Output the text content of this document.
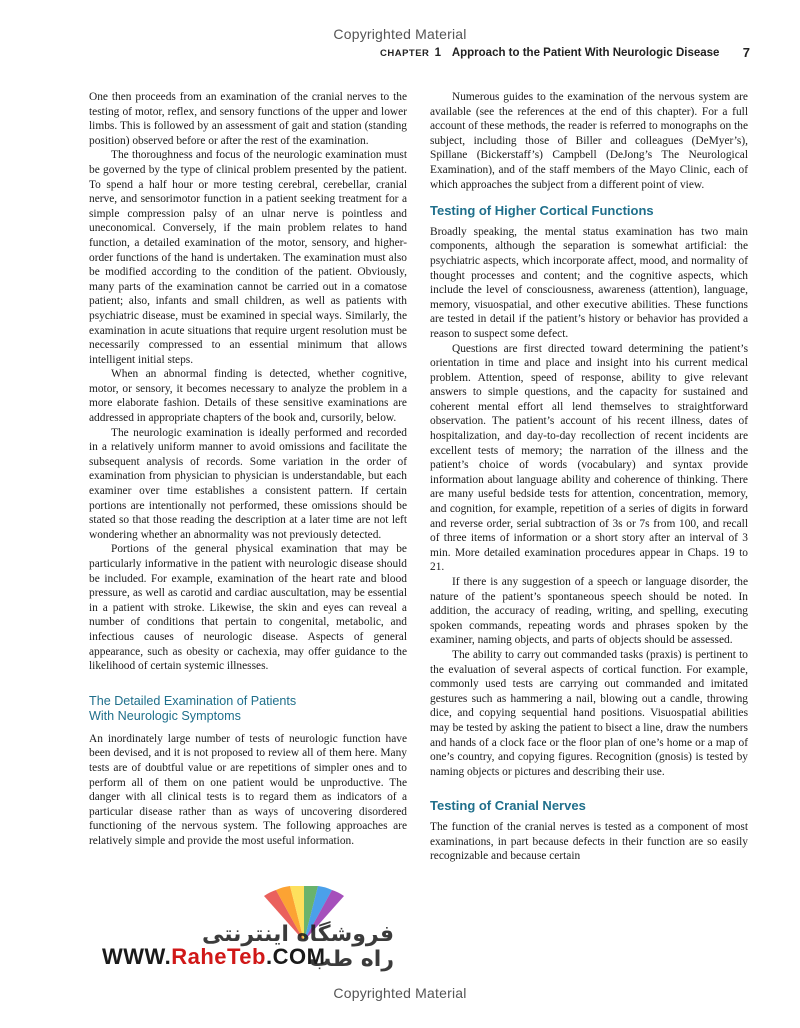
Copyrighted Material
CHAPTER 1 Approach to the Patient With Neurologic Disease 7

One then proceeds from an examination of the cranial nerves to the testing of motor, reflex, and sensory functions of the upper and lower limbs. This is followed by an assessment of gait and station (standing position) observed before or after the rest of the examination.

The thoroughness and focus of the neurologic examination must be governed by the type of clinical problem presented by the patient. To spend a half hour or more testing cerebral, cerebellar, cranial nerve, and sensorimotor function in a patient seeking treatment for a simple compression palsy of an ulnar nerve is pointless and uneconomical. Conversely, if the main problem relates to hand function, a detailed examination of the motor, sensory, and higher-order functions of the hand is undertaken. The examination must also be modified according to the condition of the patient. Obviously, many parts of the examination cannot be carried out in a comatose patient; also, infants and small children, as well as patients with psychiatric disease, must be examined in special ways. Similarly, the examination in acute situations that require urgent resolution must be necessarily compressed to an essential minimum that allows intelligent initial steps.

When an abnormal finding is detected, whether cognitive, motor, or sensory, it becomes necessary to analyze the problem in a more elaborate fashion. Details of these sensitive examinations are addressed in appropriate chapters of the book and, cursorily, below.

The neurologic examination is ideally performed and recorded in a relatively uniform manner to avoid omissions and facilitate the subsequent analysis of records. Some variation in the order of examination from physician to physician is understandable, but each examiner over time establishes a consistent pattern. If certain portions are intentionally not performed, these omissions should be stated so that those reading the description at a later time are not left wondering whether an abnormality was not previously detected.

Portions of the general physical examination that may be particularly informative in the patient with neurologic disease should be included. For example, examination of the heart rate and blood pressure, as well as carotid and cardiac auscultation, may be essential in a patient with stroke. Likewise, the skin and eyes can reveal a number of conditions that pertain to congenital, metabolic, and infectious causes of neurologic disease. Aspects of general appearance, such as obesity or cachexia, may offer guidance to the likelihood of certain systemic illnesses.

The Detailed Examination of Patients
With Neurologic Symptoms

An inordinately large number of tests of neurologic function have been devised, and it is not proposed to review all of them here. Many tests are of doubtful value or are repetitions of simpler ones and to perform all of them on one patient would be unproductive. The danger with all clinical tests is to regard them as indicators of a particular disease rather than as ways of uncovering disordered functioning of the nervous system. The following approaches are relatively simple and provide the most useful information.

Numerous guides to the examination of the nervous system are available (see the references at the end of this chapter). For a full account of these methods, the reader is referred to monographs on the subject, including those of Biller and colleagues (DeMyer’s), Spillane (Bickerstaff’s) Campbell (DeJong’s The Neurological Examination), and of the staff members of the Mayo Clinic, each of which approaches the subject from a different point of view.

Testing of Higher Cortical Functions

Broadly speaking, the mental status examination has two main components, although the separation is somewhat artificial: the psychiatric aspects, which incorporate affect, mood, and normality of thought processes and content; and the cognitive aspects, which include the level of consciousness, awareness (attention), language, memory, visuospatial, and other executive abilities. These functions are tested in detail if the patient’s history or behavior has provided a reason to suspect some defect.

Questions are first directed toward determining the patient’s orientation in time and place and insight into his current medical problem. Attention, speed of response, ability to give relevant answers to simple questions, and the capacity for sustained and coherent mental effort all lend themselves to straightforward observation. The patient’s account of his recent illness, dates of hospitalization, and day-to-day recollection of recent incidents are excellent tests of memory; the narration of the illness and the patient’s choice of words (vocabulary) and syntax provide information about language ability and coherence of thinking. There are many useful bedside tests for attention, concentration, memory, and cognition, for example, repetition of a series of digits in forward and reverse order, serial subtraction of 3s or 7s from 100, and recall of three items of information or a short story after an interval of 3 min. More detailed examination procedures appear in Chaps. 19 to 21.

If there is any suggestion of a speech or language disorder, the nature of the patient’s spontaneous speech should be noted. In addition, the accuracy of reading, writing, and spelling, executing spoken commands, repeating words and phrases spoken by the examiner, naming objects, and parts of objects should be assessed.

The ability to carry out commanded tasks (praxis) is pertinent to the evaluation of several aspects of cortical function. For example, commonly used tests are carrying out commanded and imitated gestures such as hammering a nail, blowing out a candle, throwing dice, and copying sequential hand positions. Visuospatial abilities may be tested by asking the patient to bisect a line, draw the numbers and hands of a clock face or the floor plan of one’s home or a map of one’s country, and copying figures. Recognition (gnosis) is tested by naming objects or pictures and describing their use.

Testing of Cranial Nerves

The function of the cranial nerves is tested as a component of most examinations, in part because defects in their function are so easily recognizable and because certain

فروشگاه اینترنتی راه طب
WWW.RaheTeb.COM
Copyrighted Material
